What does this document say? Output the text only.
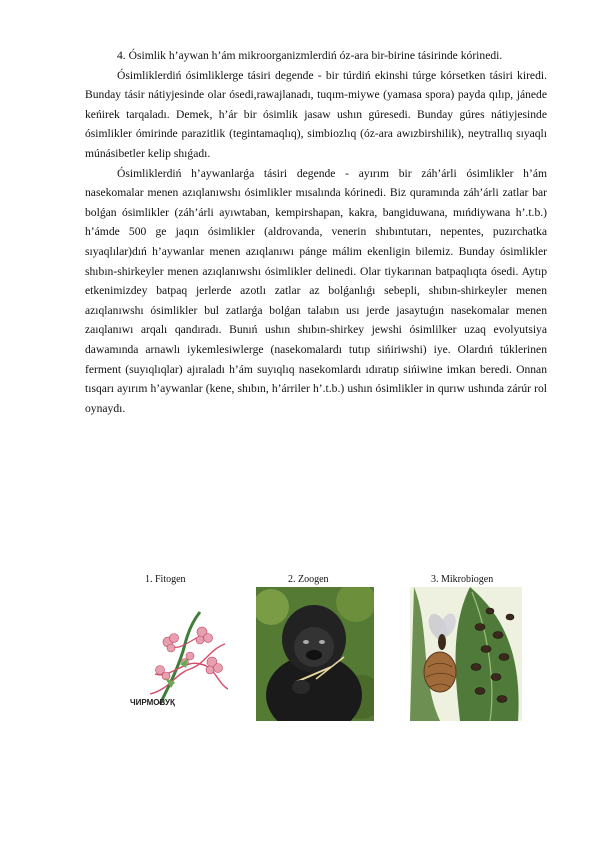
4. Ósimlik h’aywan h’ám mikroorganizmlerdiń óz-ara bir-birine tásirinde kórinedi.

Ósimliklerdiń ósimliklerge tásiri degende - bir túrdiń ekinshi túrge kórsetken tásiri kiredi. Bunday tásir nátiyjesinde olar ósedi,rawajlanadı, tuqım-miywe (yamasa spora) payda qılıp, jánede keńirek tarqaladı. Demek, h’ár bir ósimlik jasaw ushın gúresedi. Bunday gúres nátiyjesinde ósimlikler ómirinde parazitlik (tegintamaqlıq), simbiozlıq (óz-ara awızbirshilik), neytrallıq sıyaqlı múnásibetler kelip shıǵadı.

Ósimliklerdiń h’aywanlarǵa tásiri degende - ayırım bir záh’árli ósimlikler h’ám nasekomalar menen azıqlanıwshı ósimlikler mısalında kórinedi. Biz quramında záh’árli zatlar bar bolǵan ósimlikler (záh’árli ayıwtaban, kempirshapan, kakra, bangiduwana, mıńdiywana h’.t.b.) h’ámde 500 ge jaqın ósimlikler (aldrovanda, venerin shıbıntutarı, nepentes, puzırchatka sıyaqlılar)dıń h’aywanlar menen azıqlanıwı pánge málim ekenligin bilemiz. Bunday ósimlikler shıbın-shirkeyler menen azıqlanıwshı ósimlikler delinedi. Olar tiykarınan batpaqlıqta ósedi. Aytıp etkenimizdey batpaq jerlerde azotlı zatlar az bolǵanlıǵı sebepli, shıbın-shirkeyler menen azıqlanıwshı ósimlikler bul zatlarǵa bolǵan talabın usı jerde jasaytuǵın nasekomalar menen zaıqlanıwı arqalı qandıradı. Bunıń ushın shıbın-shirkey jewshi ósimlilker uzaq evolyutsiya dawamında arnawlı iykemlesiwlerge (nasekomalardı tutıp sińiriwshi) iye. Olardıń túklerinen ferment (suyıqlıqlar) ajıraladı h’ám suyıqlıq nasekomlardı ıdıratıp sińiwine imkan beredi. Onnan tısqarı ayırım h’aywanlar (kene, shıbın, h’árriler h’.t.b.) ushın ósimlikler in qurıw ushında zárúr rol oynaydı.

1. Fitogen
ЧИРМОВУҚ
2. Zoogen	3. Mikrobiogen
